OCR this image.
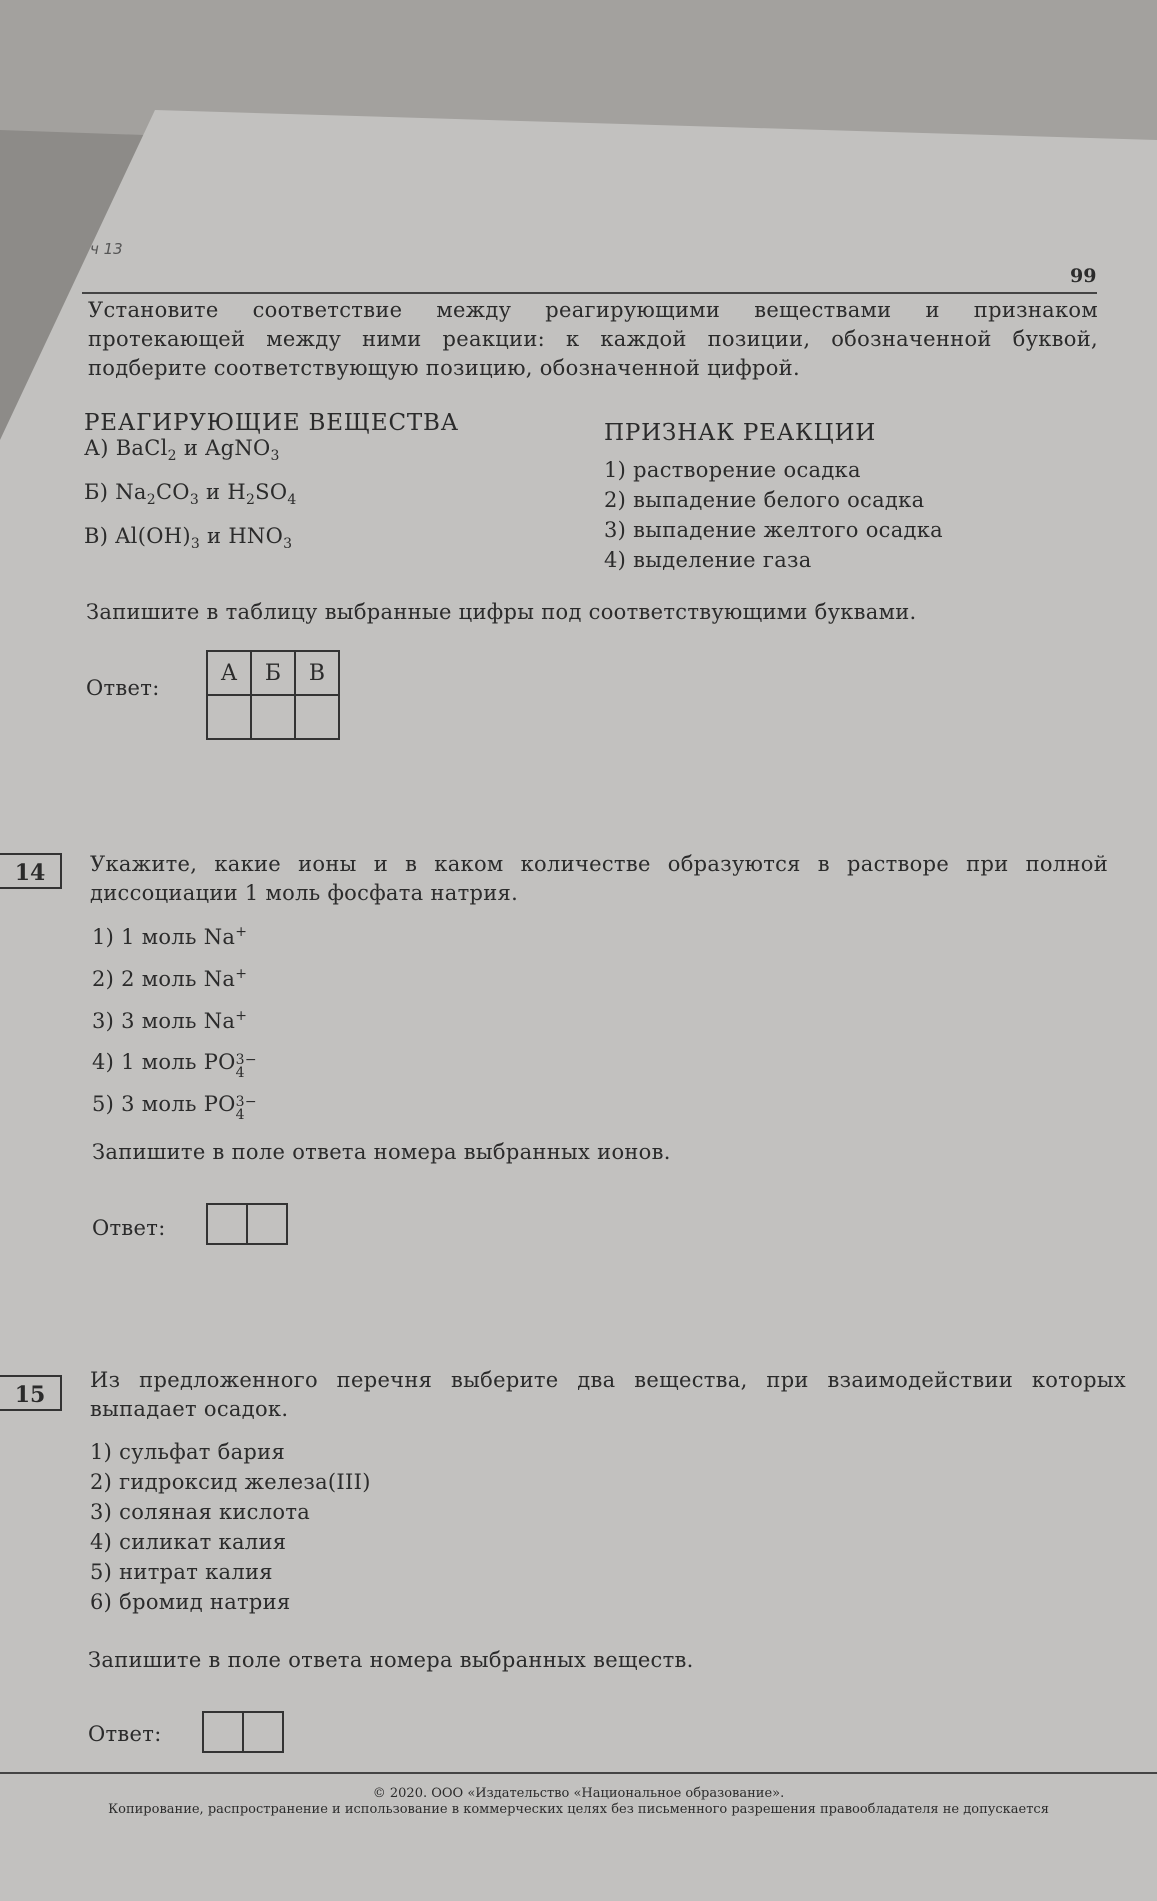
ч 13
99
Установите соответствие между реагирующими веществами и признаком протекающей между ними реакции: к каждой позиции, обозначенной буквой, подберите соответствующую позицию, обозначенной цифрой.
РЕАГИРУЮЩИЕ ВЕЩЕСТВА	ПРИЗНАК РЕАКЦИИ
А) BaCl$_2$ и AgNO$_3$
Б) $Na_2CO_3$ и $H_2SO_4$
В) $Al(OH)_3$ и $HNO_3$
1) растворение осадка
2) выпадение белого осадка
3) выпадение желтого осадка
4) выделение газа
Запишите в таблицу выбранные цифры под соответствующими буквами.
Ответ:
А	Б	В

14	Укажите, какие ионы и в каком количестве образуются в растворе при полной диссоциации 1 моль фосфата натрия.
1) 1 моль Na+
2) 2 моль Na+
3) 3 моль Na+
4) 1 моль PO3−
4
5) 3 моль PO3−
4
Запишите в поле ответа номера выбранных ионов.
Ответ:
15
Из предложенного перечня выберите два вещества, при взаимодействии которых выпадает осадок.
1) сульфат бария
2) гидроксид железа(III)
3) соляная кислота
4) силикат калия
5) нитрат калия
6) бромид натрия
Запишите в поле ответа номера выбранных веществ.
Ответ:
© 2020. ООО «Издательство «Национальное образование».
Копирование, распространение и использование в коммерческих целях без письменного разрешения правообладателя не допускается
